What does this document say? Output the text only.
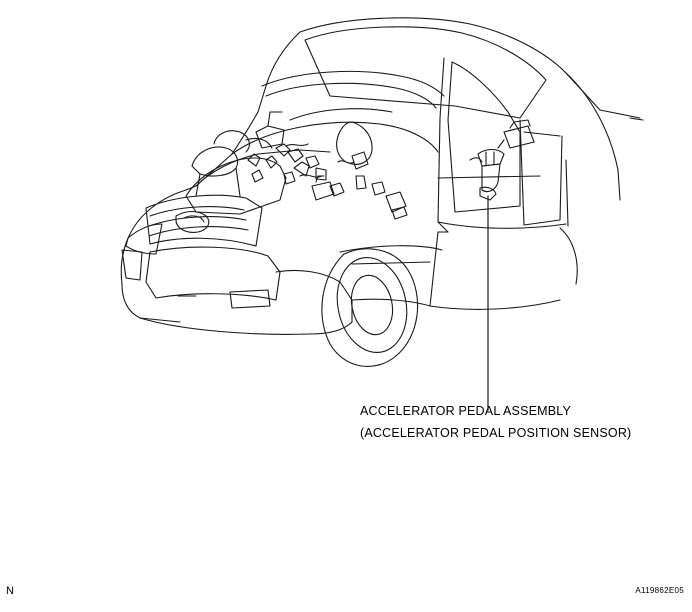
ACCELERATOR PEDAL ASSEMBLY
(ACCELERATOR PEDAL POSITION SENSOR)
N	A119862E05
